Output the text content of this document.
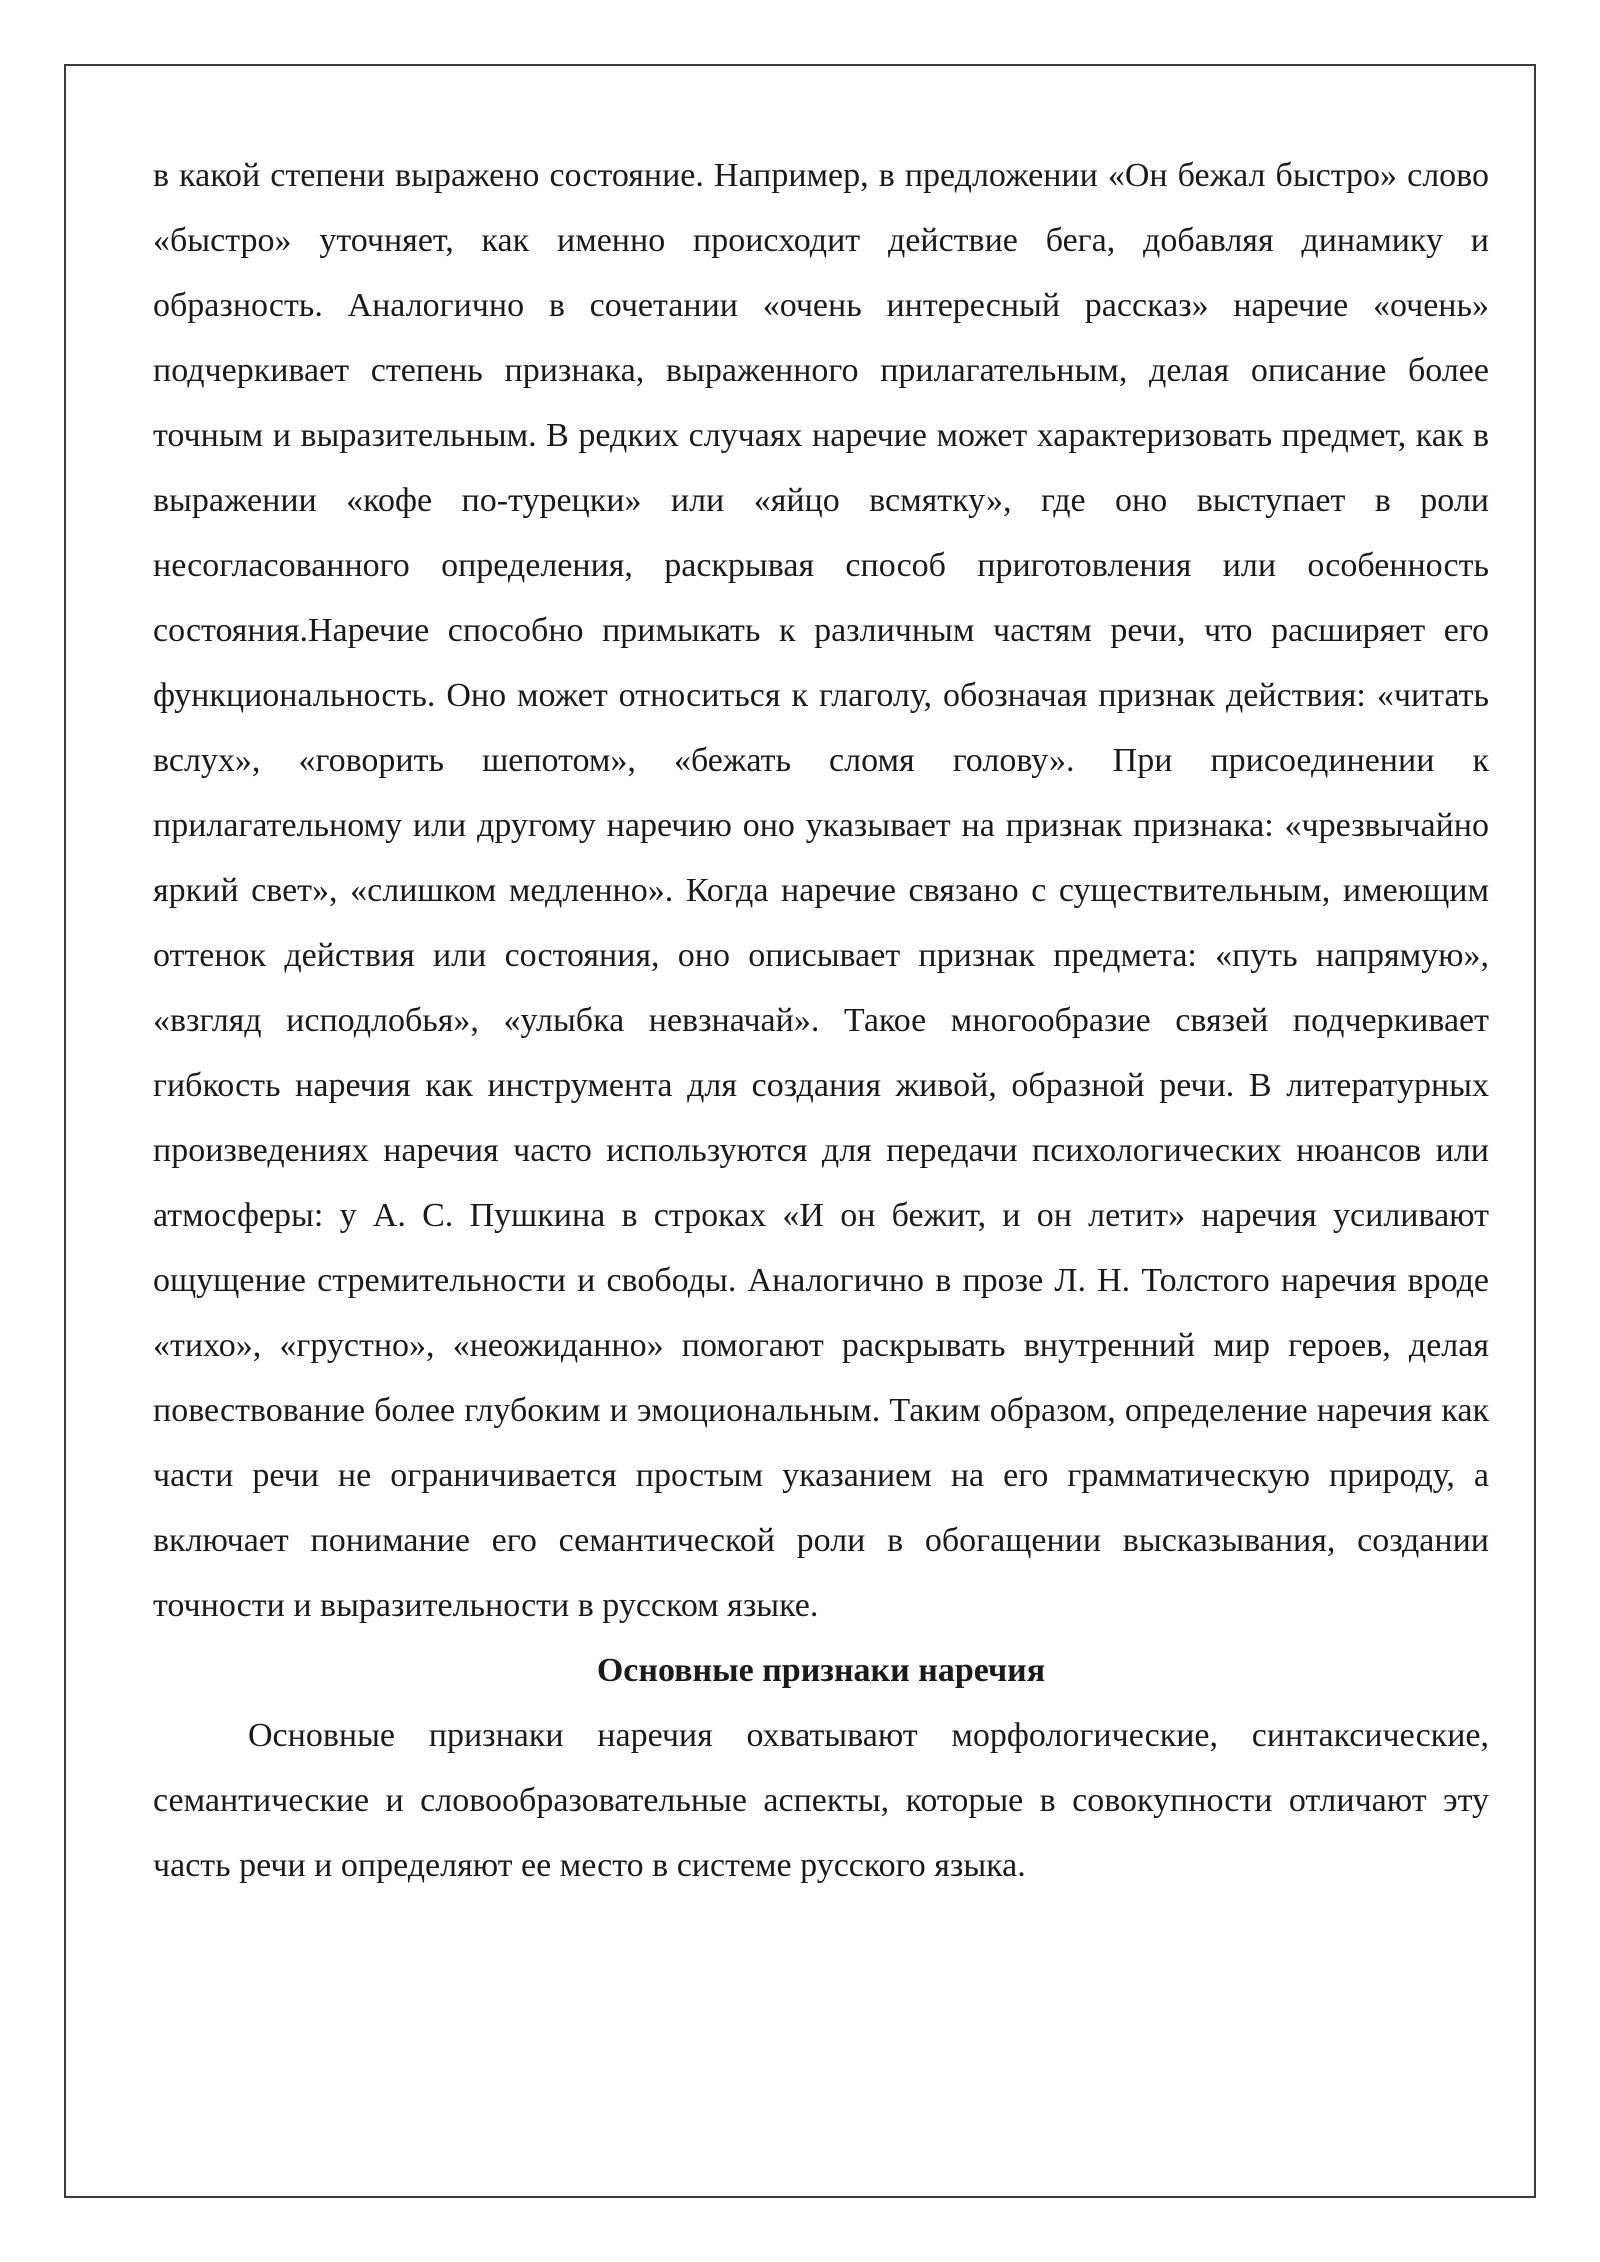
в какой степени выражено состояние. Например, в предложении «Он бежал быстро» слово «быстро» уточняет, как именно происходит действие бега, добавляя динамику и образность. Аналогично в сочетании «очень интересный рассказ» наречие «очень» подчеркивает степень признака, выраженного прилагательным, делая описание более точным и выразительным. В редких случаях наречие может характеризовать предмет, как в выражении «кофе по-турецки» или «яйцо всмятку», где оно выступает в роли несогласованного определения, раскрывая способ приготовления или особенность состояния.Наречие способно примыкать к различным частям речи, что расширяет его функциональность. Оно может относиться к глаголу, обозначая признак действия: «читать вслух», «говорить шепотом», «бежать сломя голову». При присоединении к прилагательному или другому наречию оно указывает на признак признака: «чрезвычайно яркий свет», «слишком медленно». Когда наречие связано с существительным, имеющим оттенок действия или состояния, оно описывает признак предмета: «путь напрямую», «взгляд исподлобья», «улыбка невзначай». Такое многообразие связей подчеркивает гибкость наречия как инструмента для создания живой, образной речи. В литературных произведениях наречия часто используются для передачи психологических нюансов или атмосферы: у А. С. Пушкина в строках «И он бежит, и он летит» наречия усиливают ощущение стремительности и свободы. Аналогично в прозе Л. Н. Толстого наречия вроде «тихо», «грустно», «неожиданно» помогают раскрывать внутренний мир героев, делая повествование более глубоким и эмоциональным. Таким образом, определение наречия как части речи не ограничивается простым указанием на его грамматическую природу, а включает понимание его семантической роли в обогащении высказывания, создании точности и выразительности в русском языке.

Основные признаки наречия

Основные признаки наречия охватывают морфологические, синтаксические, семантические и словообразовательные аспекты, которые в совокупности отличают эту часть речи и определяют ее место в системе русского языка.
